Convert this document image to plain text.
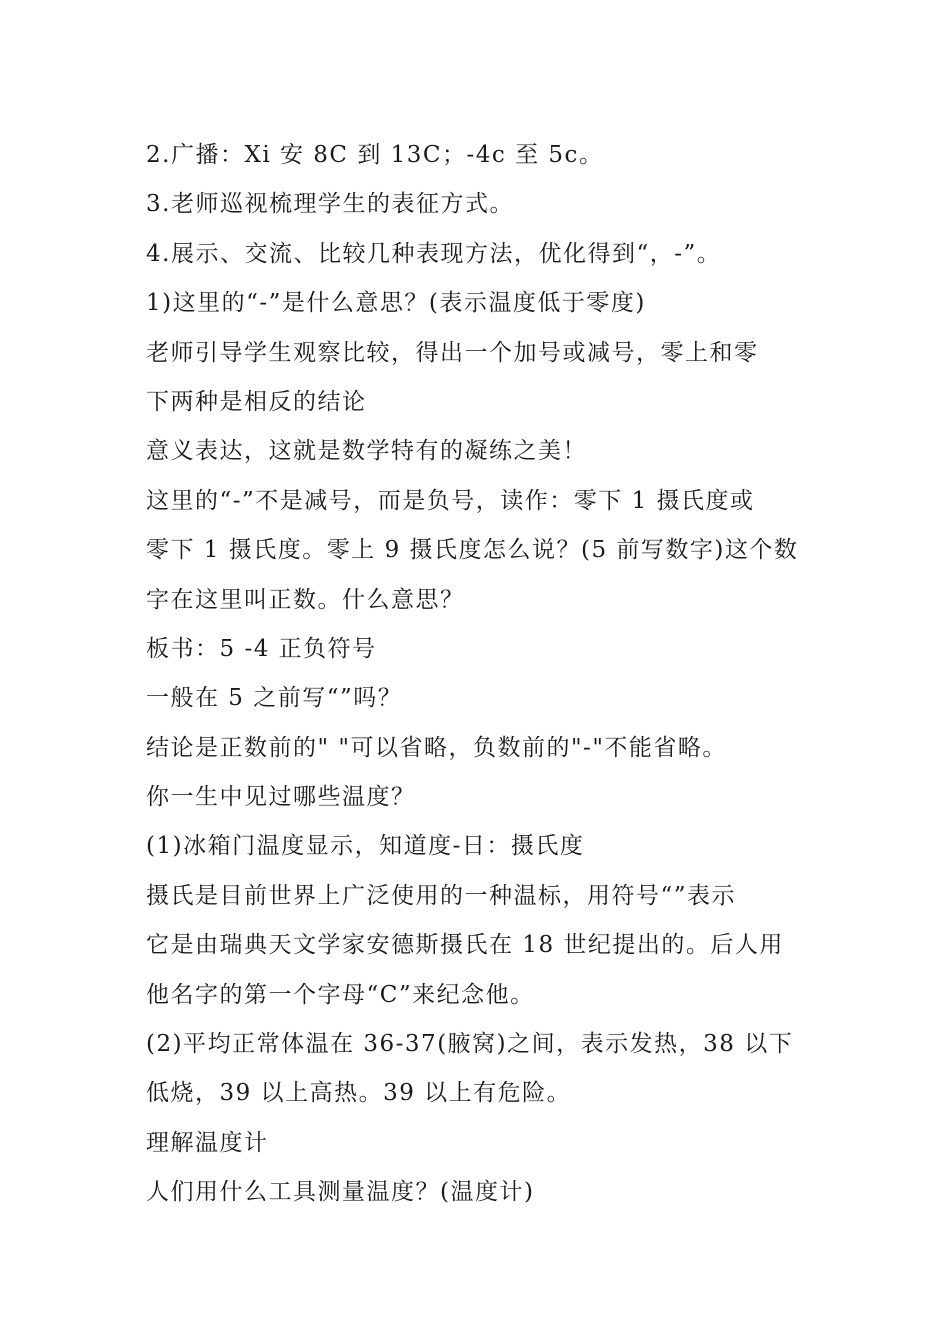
2.广播：Xi 安 8C 到 13C；-4c 至 5c。
3.老师巡视梳理学生的表征方式。
4.展示、交流、比较几种表现方法，优化得到“，-”。
1)这里的“-”是什么意思？(表示温度低于零度)
老师引导学生观察比较，得出一个加号或减号，零上和零
下两种是相反的结论
意义表达，这就是数学特有的凝练之美！
这里的“-”不是减号，而是负号，读作：零下 1 摄氏度或
零下 1 摄氏度。零上 9 摄氏度怎么说？(5 前写数字)这个数
字在这里叫正数。什么意思？
板书：5 -4 正负符号
一般在 5 之前写“”吗？
结论是正数前的" "可以省略，负数前的"-"不能省略。
你一生中见过哪些温度？
(1)冰箱门温度显示，知道度-日：摄氏度
摄氏是目前世界上广泛使用的一种温标，用符号“”表示
它是由瑞典天文学家安德斯摄氏在 18 世纪提出的。后人用
他名字的第一个字母“C”来纪念他。
(2)平均正常体温在 36-37(腋窝)之间，表示发热，38 以下
低烧，39 以上高热。39 以上有危险。
理解温度计
人们用什么工具测量温度？(温度计)
